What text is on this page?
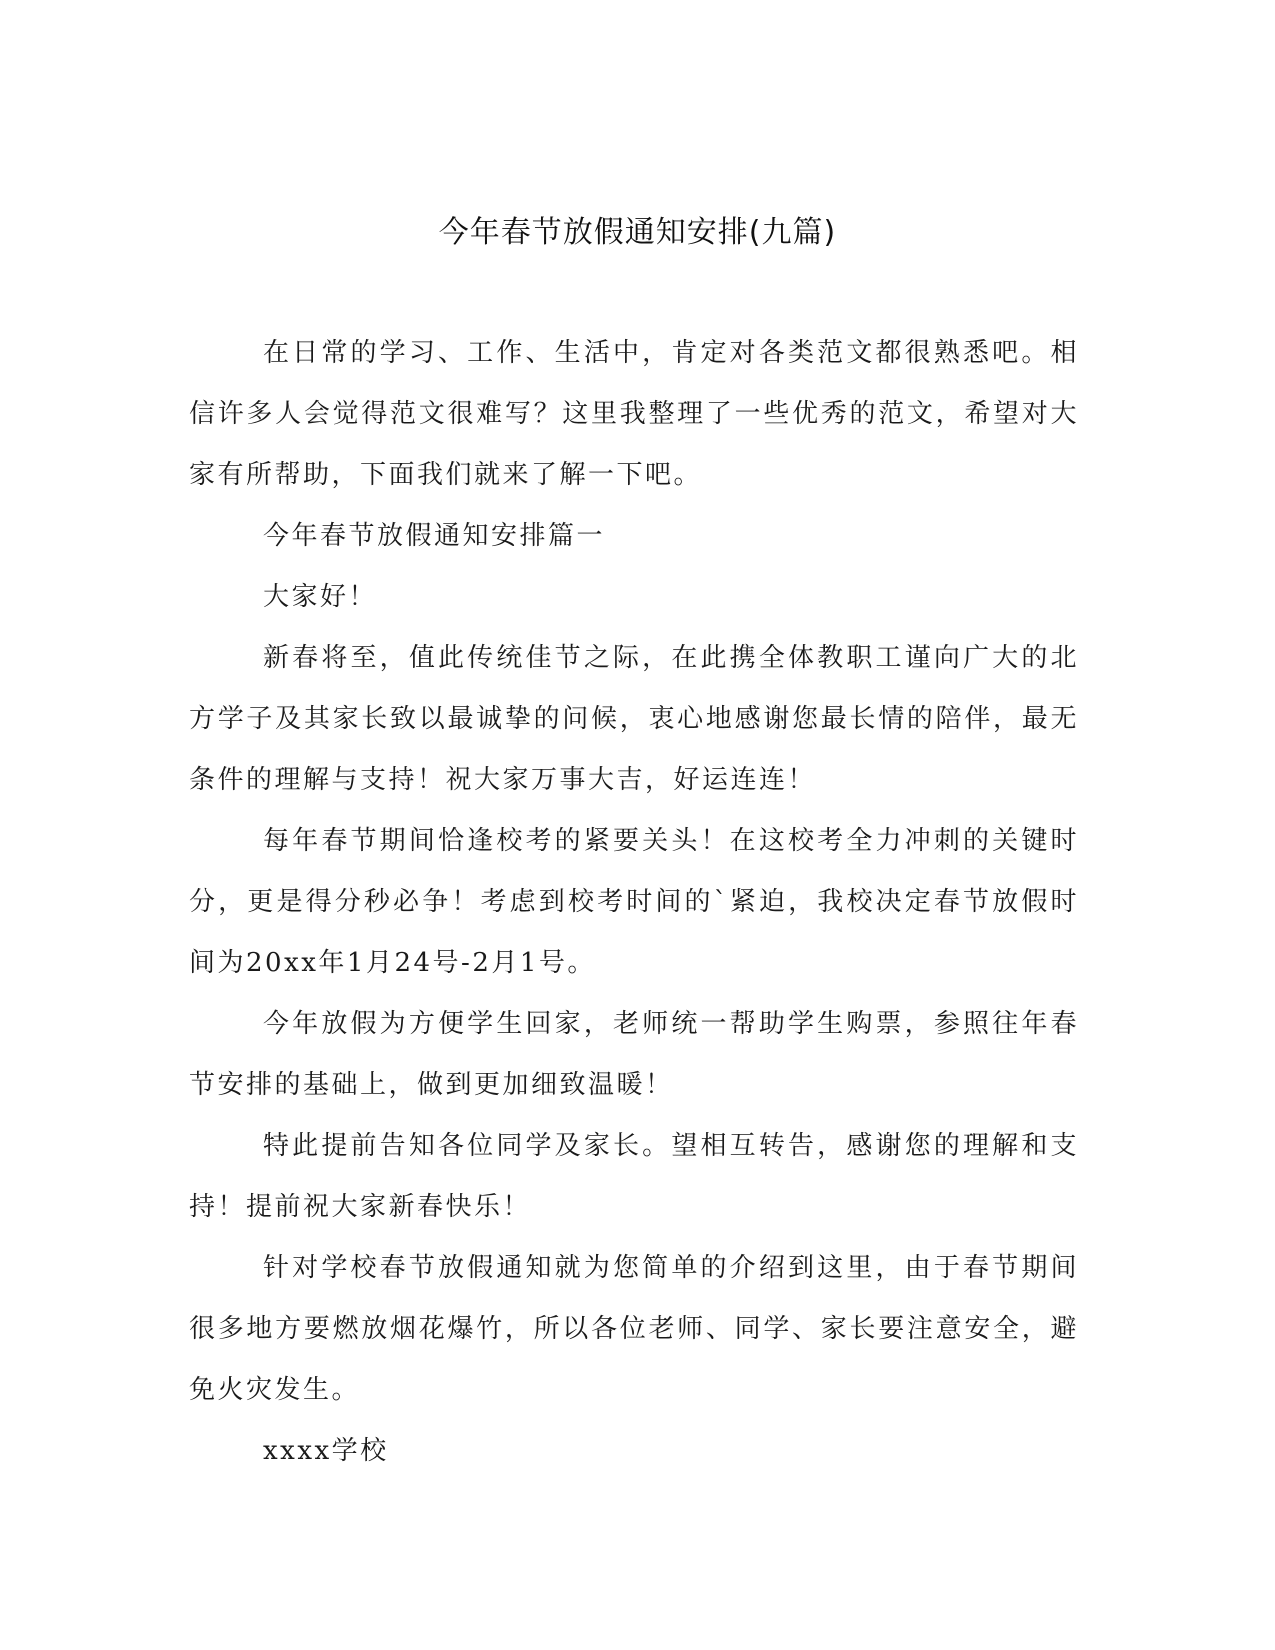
今年春节放假通知安排(九篇)

在日常的学习、工作、生活中，肯定对各类范文都很熟悉吧。相信许多人会觉得范文很难写？这里我整理了一些优秀的范文，希望对大家有所帮助，下面我们就来了解一下吧。

今年春节放假通知安排篇一

大家好！

新春将至，值此传统佳节之际，在此携全体教职工谨向广大的北方学子及其家长致以最诚挚的问候，衷心地感谢您最长情的陪伴，最无条件的理解与支持！祝大家万事大吉，好运连连！

每年春节期间恰逢校考的紧要关头！在这校考全力冲刺的关键时分，更是得分秒必争！考虑到校考时间的`紧迫，我校决定春节放假时间为20xx年1月24号-2月1号。

今年放假为方便学生回家，老师统一帮助学生购票，参照往年春节安排的基础上，做到更加细致温暖！

特此提前告知各位同学及家长。望相互转告，感谢您的理解和支持！提前祝大家新春快乐！

针对学校春节放假通知就为您简单的介绍到这里，由于春节期间很多地方要燃放烟花爆竹，所以各位老师、同学、家长要注意安全，避免火灾发生。

xxxx学校
